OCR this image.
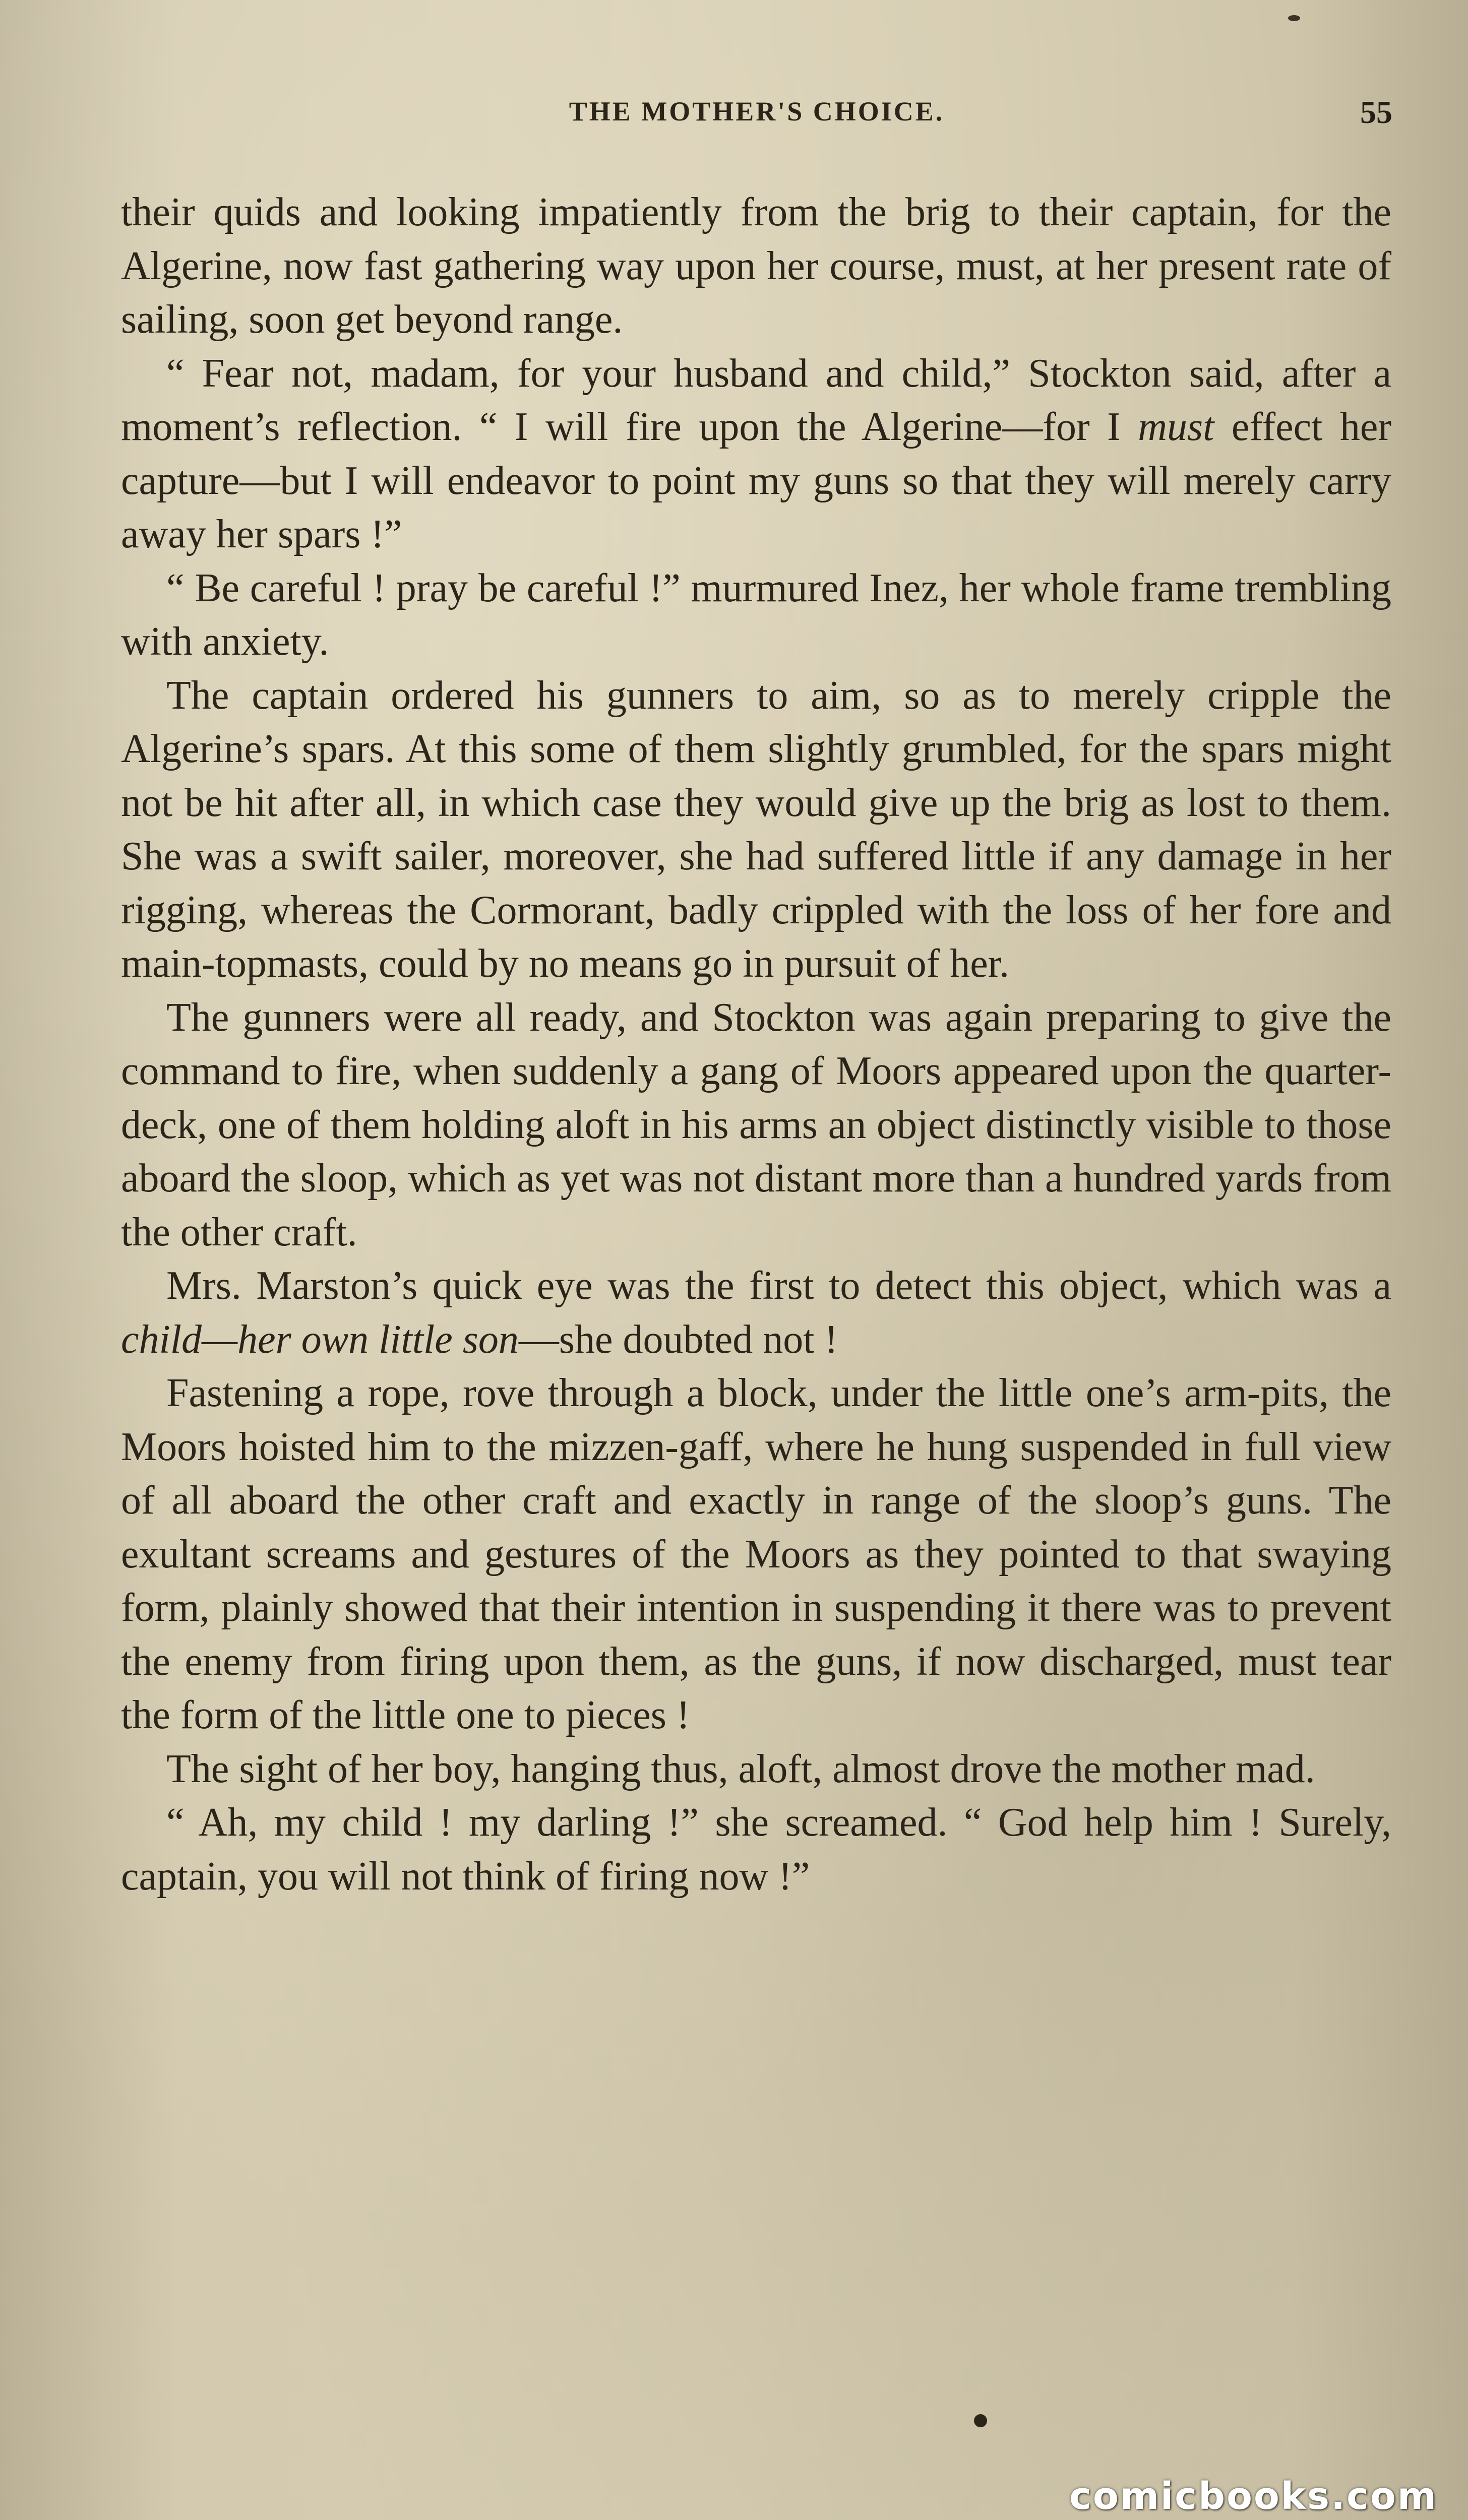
THE MOTHER'S CHOICE.	55

their quids and looking impatiently from the brig to their captain, for the Algerine, now fast gathering way upon her course, must, at her present rate of sailing, soon get beyond range.

“ Fear not, madam, for your husband and child,” Stockton said, after a moment’s reflection. “ I will fire upon the Algerine—for I must effect her capture—but I will endeavor to point my guns so that they will merely carry away her spars !”

“ Be careful ! pray be careful !” murmured Inez, her whole frame trembling with anxiety.

The captain ordered his gunners to aim, so as to merely cripple the Algerine’s spars. At this some of them slightly grumbled, for the spars might not be hit after all, in which case they would give up the brig as lost to them. She was a swift sailer, moreover, she had suffered little if any damage in her rigging, whereas the Cormorant, badly crippled with the loss of her fore and main-topmasts, could by no means go in pursuit of her.

The gunners were all ready, and Stockton was again preparing to give the command to fire, when suddenly a gang of Moors appeared upon the quarter-deck, one of them holding aloft in his arms an object distinctly visible to those aboard the sloop, which as yet was not distant more than a hundred yards from the other craft.

Mrs. Marston’s quick eye was the first to detect this object, which was a child—her own little son—she doubted not !

Fastening a rope, rove through a block, under the little one’s arm-pits, the Moors hoisted him to the mizzen-gaff, where he hung suspended in full view of all aboard the other craft and exactly in range of the sloop’s guns. The exultant screams and gestures of the Moors as they pointed to that swaying form, plainly showed that their intention in suspending it there was to prevent the enemy from firing upon them, as the guns, if now discharged, must tear the form of the little one to pieces !

The sight of her boy, hanging thus, aloft, almost drove the mother mad.

“ Ah, my child ! my darling !” she screamed. “ God help him ! Surely, captain, you will not think of firing now !”

comicbooks.com
